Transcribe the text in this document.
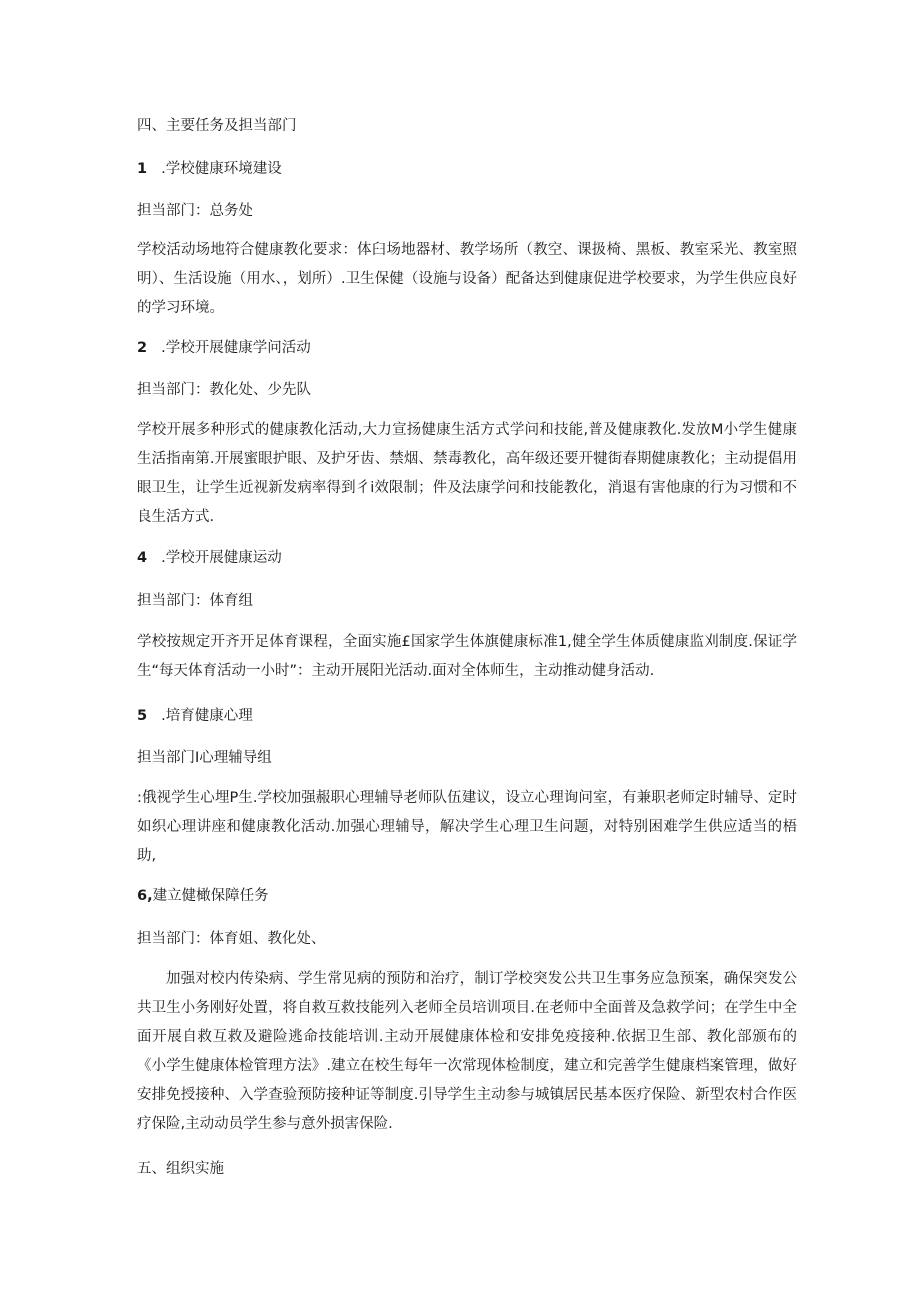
四、主要任务及担当部门
1 .学校健康环境建设
担当部门：总务处
学校活动场地符合健康教化要求：体臼场地器材、教学场所（教空、课扱椅、黑板、教室采光、教室照明）、生活设施（用水、，划所）.卫生保健（设施与设备）配备达到健康促进学校要求，为学生供应良好的学习环境。
2 .学校开展健康学问活动
担当部门：教化处、少先队
学校开展多种形式的健康教化活动,大力宣扬健康生活方式学问和技能,普及健康教化.发放M小学生健康生活指南第.开展蜜眼护眼、及护牙齿、禁烟、禁毒教化，高年级还要开犍街春期健康教化；主动提倡用眼卫生，让学生近视新发病率得到彳i效限制；件及法康学问和技能教化，消退有害他康的行为习惯和不良生活方式.
4 .学校开展健康运动
担当部门：体育组
学校按规定开齐开足体育课程，全面实施£国家学生体旗健康标准1,健全学生体质健康监刈制度.保证学生“每天体育活动一小时”：主动开展阳光活动.面对全体师生，主动推动健身活动.
5 .培育健康心理
担当部门I心理辅导组
:俄视学生心埋P生.学校加强赧职心理辅导老师队伍建议，设立心理询问室，有兼职老师定时辅导、定时如织心理讲座和健康教化活动.加强心理辅导，解决学生心理卫生问题，对特别困难学生供应适当的梧助,
6,建立健橄保障任务
担当部门：体育姐、教化处、
加强对校内传染病、学生常见病的预防和治疗，制订学校突发公共卫生事务应急预案，确保突发公共卫生小务刚好处置，将自救互救技能列入老师全员培训项目.在老师中全面普及急救学问；在学生中全面开展自救互救及避险逃命技能培训.主动开展健康体检和安排免疫接种.依据卫生部、教化部颁布的《小学生健康体检管理方法》.建立在校生每年一次常现体检制度，建立和完善学生健康档案管理，做好安排免授接种、入学查验预防接种证等制度.引导学生主动参与城镇居民基本医疗保险、新型农村合作医疗保险,主动动员学生参与意外损害保险.
五、组织实施
